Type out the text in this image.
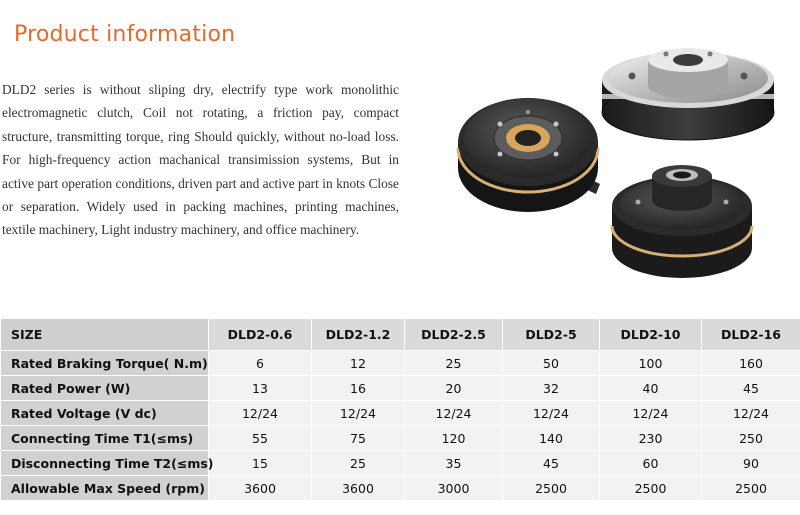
Product information

DLD2 series is without sliping dry, electrify type work monolithic electromagnetic clutch, Coil not rotating, a friction pay, compact structure, transmitting torque, ring Should quickly, without no-load loss. For high-frequency action machanical transimission systems, But in active part operation conditions, driven part and active part in knots Close or separation. Widely used in packing machines, printing machines, textile machinery, Light industry machinery, and office machinery.

SIZE	DLD2-0.6	DLD2-1.2	DLD2-2.5	DLD2-5	DLD2-10	DLD2-16
Rated Braking Torque( N.m)	6	12	25	50	100	160
Rated Power (W)	13	16	20	32	40	45
Rated Voltage (V dc)	12/24	12/24	12/24	12/24	12/24	12/24
Connecting Time T1(≤ms)	55	75	120	140	230	250
Disconnecting Time T2(≤ms)	15	25	35	45	60	90
Allowable Max Speed (rpm)	3600	3600	3000	2500	2500	2500
